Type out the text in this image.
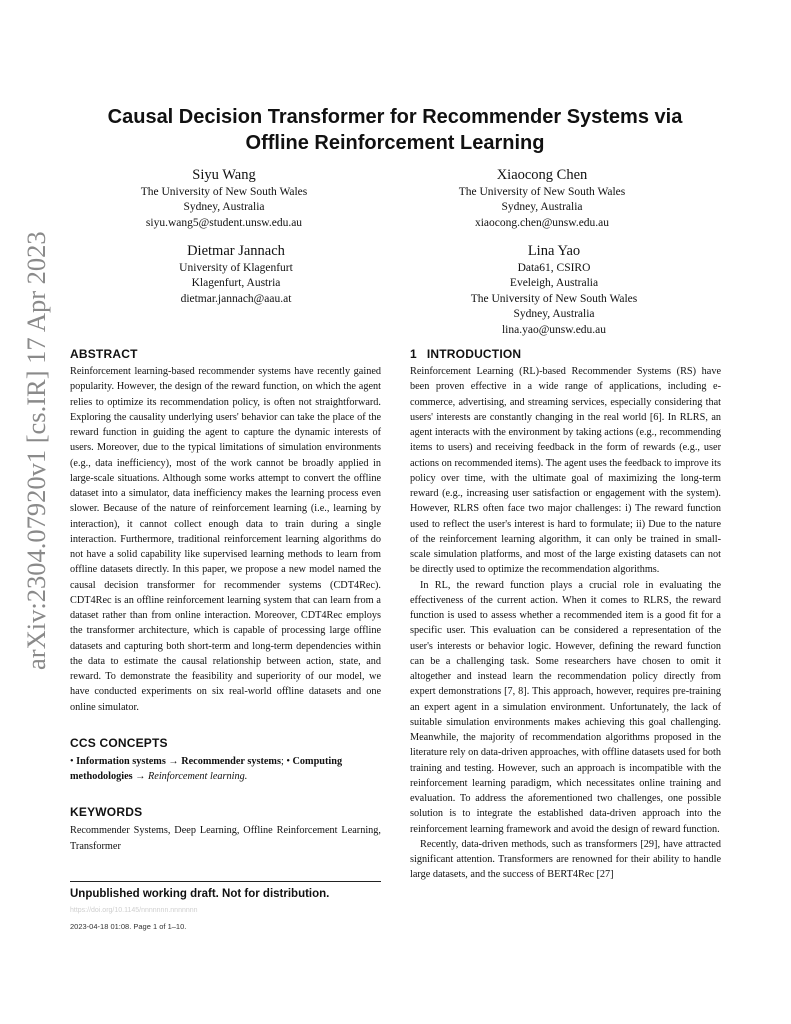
arXiv:2304.07920v1 [cs.IR] 17 Apr 2023
Causal Decision Transformer for Recommender Systems via
Offline Reinforcement Learning
Siyu Wang
The University of New South Wales
Sydney, Australia
siyu.wang5@student.unsw.edu.au
Xiaocong Chen
The University of New South Wales
Sydney, Australia
xiaocong.chen@unsw.edu.au
Dietmar Jannach
University of Klagenfurt
Klagenfurt, Austria
dietmar.jannach@aau.at
Lina Yao
Data61, CSIRO
Eveleigh, Australia
The University of New South Wales
Sydney, Australia
lina.yao@unsw.edu.au
ABSTRACT

Reinforcement learning-based recommender systems have recently gained popularity. However, the design of the reward function, on which the agent relies to optimize its recommendation policy, is often not straightforward. Exploring the causality underlying users' behavior can take the place of the reward function in guiding the agent to capture the dynamic interests of users. Moreover, due to the typical limitations of simulation environments (e.g., data inefficiency), most of the work cannot be broadly applied in large-scale situations. Although some works attempt to convert the offline dataset into a simulator, data inefficiency makes the learning process even slower. Because of the nature of reinforcement learning (i.e., learning by interaction), it cannot collect enough data to train during a single interaction. Furthermore, traditional reinforcement learning algorithms do not have a solid capability like supervised learning methods to learn from offline datasets directly. In this paper, we propose a new model named the causal decision transformer for recommender systems (CDT4Rec). CDT4Rec is an offline reinforcement learning system that can learn from a dataset rather than from online interaction. Moreover, CDT4Rec employs the transformer architecture, which is capable of processing large offline datasets and capturing both short-term and long-term dependencies within the data to estimate the causal relationship between action, state, and reward. To demonstrate the feasibility and superiority of our model, we have conducted experiments on six real-world offline datasets and one online simulator.

CCS CONCEPTS

• Information systems → Recommender systems; • Computing methodologies → Reinforcement learning.

KEYWORDS

Recommender Systems, Deep Learning, Offline Reinforcement Learning, Transformer

Unpublished working draft. Not for distribution.
https://doi.org/10.1145/nnnnnnn.nnnnnnn
2023-04-18 01:08. Page 1 of 1–10.
1 INTRODUCTION

Reinforcement Learning (RL)-based Recommender Systems (RS) have been proven effective in a wide range of applications, including e-commerce, advertising, and streaming services, especially considering that users' interests are constantly changing in the real world [6]. In RLRS, an agent interacts with the environment by taking actions (e.g., recommending items to users) and receiving feedback in the form of rewards (e.g., user actions on recommended items). The agent uses the feedback to improve its policy over time, with the ultimate goal of maximizing the long-term reward (e.g., increasing user satisfaction or engagement with the system). However, RLRS often face two major challenges: i) The reward function used to reflect the user's interest is hard to formulate; ii) Due to the nature of the reinforcement learning algorithm, it can only be trained in small-scale simulation platforms, and most of the large existing datasets can not be directly used to optimize the recommendation algorithms.

In RL, the reward function plays a crucial role in evaluating the effectiveness of the current action. When it comes to RLRS, the reward function is used to assess whether a recommended item is a good fit for a specific user. This evaluation can be considered a representation of the user's interests or behavior logic. However, defining the reward function can be a challenging task. Some researchers have chosen to omit it altogether and instead learn the recommendation policy directly from expert demonstrations [7, 8]. This approach, however, requires pre-training an expert agent in a simulation environment. Unfortunately, the lack of suitable simulation environments makes achieving this goal challenging. Meanwhile, the majority of recommendation algorithms proposed in the literature rely on data-driven approaches, with offline datasets used for both training and testing. However, such an approach is incompatible with the reinforcement learning paradigm, which necessitates online training and evaluation. To address the aforementioned two challenges, one possible solution is to integrate the established data-driven approach into the reinforcement learning framework and avoid the design of reward function.

Recently, data-driven methods, such as transformers [29], have attracted significant attention. Transformers are renowned for their ability to handle large datasets, and the success of BERT4Rec [27]
